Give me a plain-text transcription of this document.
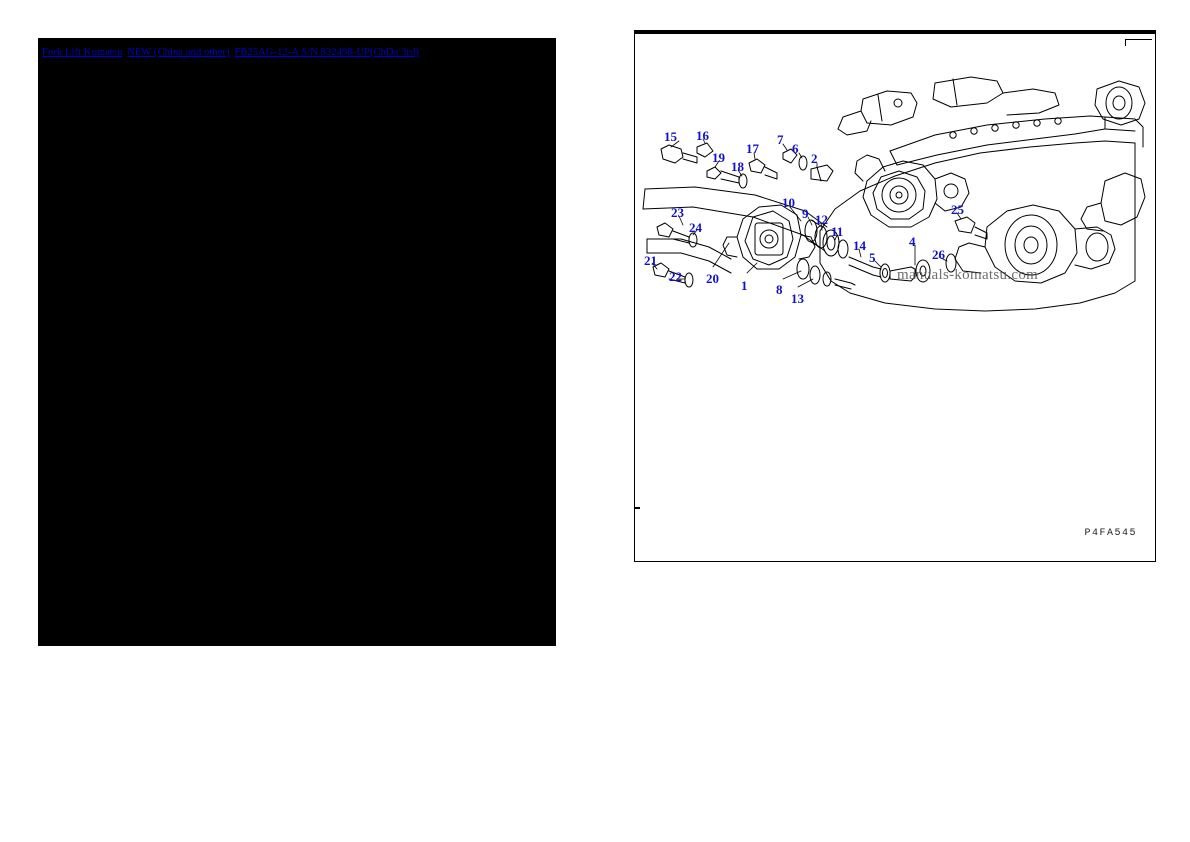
Fork Lift Komatsu NEW (China and other) FB25AG-12-A S/N 832498-UP(ChDa 3rd)
15 16
19
18
17
7
6
2
10
9 12
11
14
5
4
25
26
23
24
21
22 20 1 8
13
manuals-komatsu.com
P4FA545
